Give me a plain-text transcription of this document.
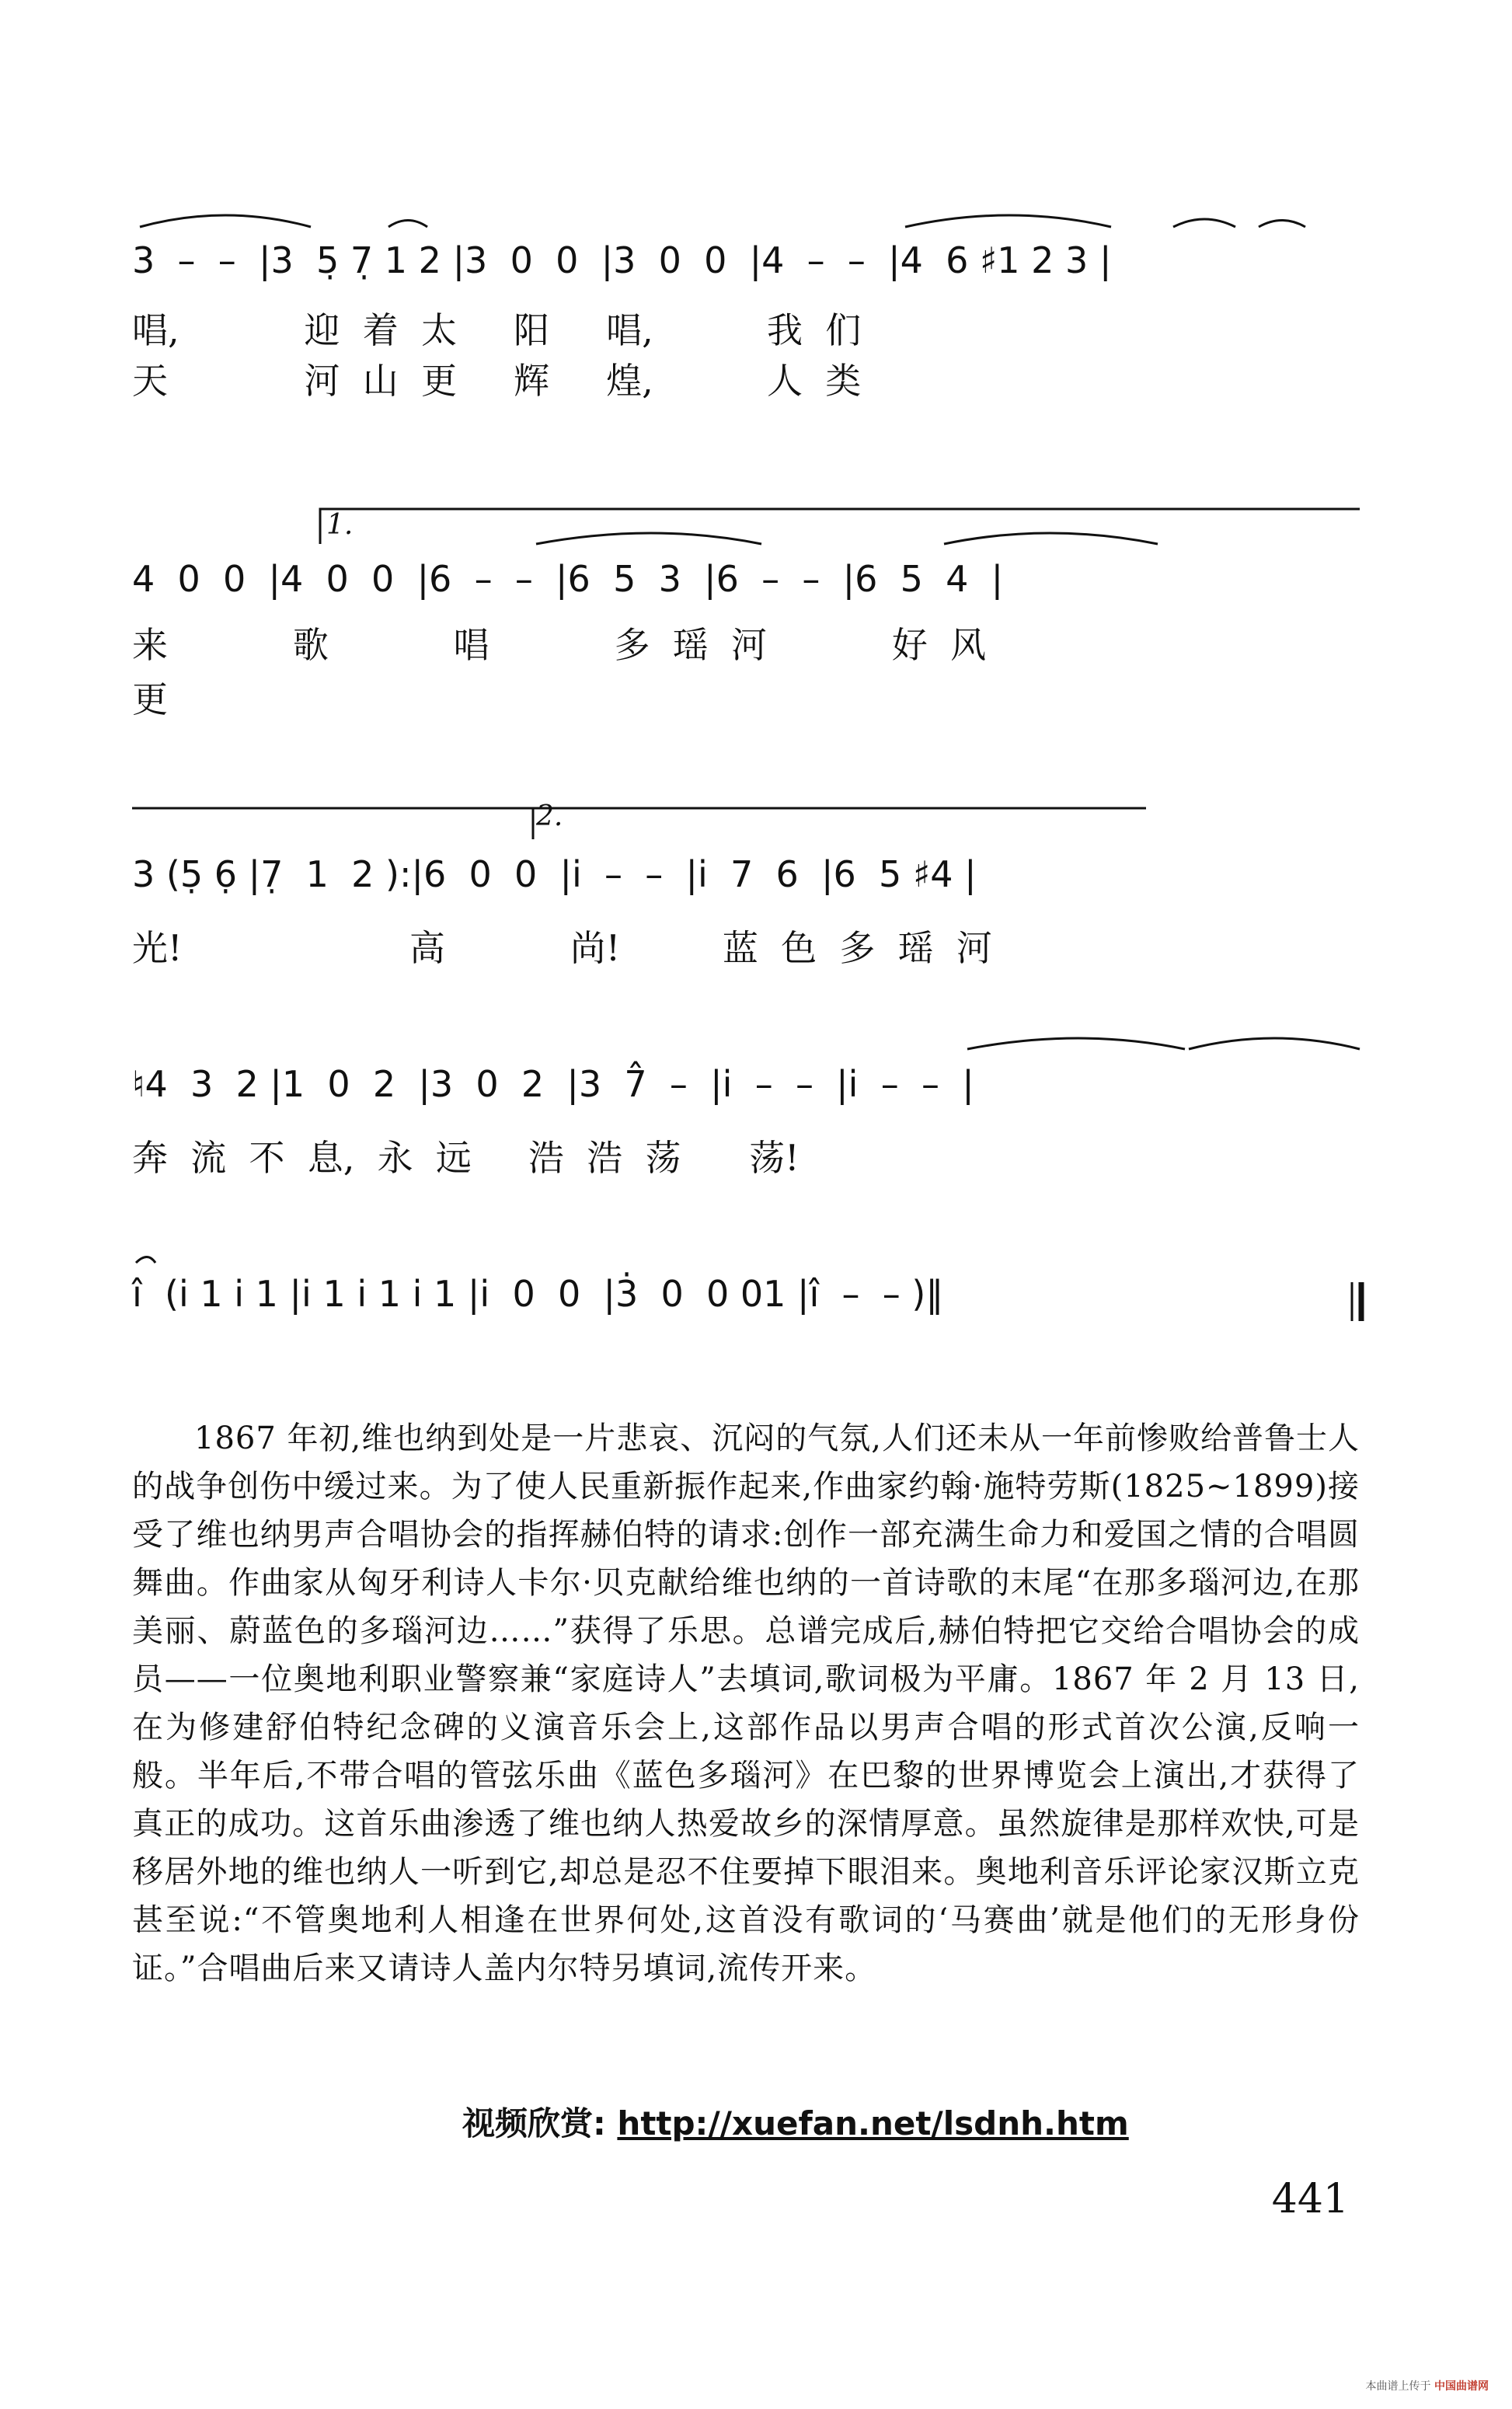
3  –  –  |3  5̣ 7̣ 1 2 |3  0  0  |3  0  0  |4  –  –  |4  6 ♯1 2 3 |
唱,           迎  着  太     阳     唱,          我  们
天            河  山  更     辉     煌,          人  类
1.
4  0  0  |4  0  0  |6  –  –  |6  5  3  |6  –  –  |6  5  4  |
来           歌           唱           多  瑶  河           好  风
更
2.
3 (5̣ 6̣ |7̣  1  2 ):|6  0  0  |i  –  –  |i  7  6  |6  5 ♯4 |
光!                    高           尚!         蓝  色  多  瑶  河
♮4  3  2 |1  0  2  |3  0  2  |3  7̂  –  |i  –  –  |i  –  –  |
奔  流  不  息,  永  远     浩  浩  荡      荡!
î  (i 1 i 1 |i 1 i 1 i 1 |i  0  0  |3̇  0  0 01 |î  –  – )‖
1867 年初,维也纳到处是一片悲哀、沉闷的气氛,人们还未从一年前惨败给普鲁士人的战争创伤中缓过来。为了使人民重新振作起来,作曲家约翰·施特劳斯(1825~1899)接受了维也纳男声合唱协会的指挥赫伯特的请求:创作一部充满生命力和爱国之情的合唱圆舞曲。作曲家从匈牙利诗人卡尔·贝克献给维也纳的一首诗歌的末尾“在那多瑙河边,在那美丽、蔚蓝色的多瑙河边……”获得了乐思。总谱完成后,赫伯特把它交给合唱协会的成员——一位奥地利职业警察兼“家庭诗人”去填词,歌词极为平庸。1867 年 2 月 13 日,在为修建舒伯特纪念碑的义演音乐会上,这部作品以男声合唱的形式首次公演,反响一般。半年后,不带合唱的管弦乐曲《蓝色多瑙河》在巴黎的世界博览会上演出,才获得了真正的成功。这首乐曲渗透了维也纳人热爱故乡的深情厚意。虽然旋律是那样欢快,可是移居外地的维也纳人一听到它,却总是忍不住要掉下眼泪来。奥地利音乐评论家汉斯立克甚至说:“不管奥地利人相逢在世界何处,这首没有歌词的‘马赛曲’就是他们的无形身份证。”合唱曲后来又请诗人盖内尔特另填词,流传开来。
视频欣赏: http://xuefan.net/lsdnh.htm
441
本曲谱上传于 中国曲谱网
